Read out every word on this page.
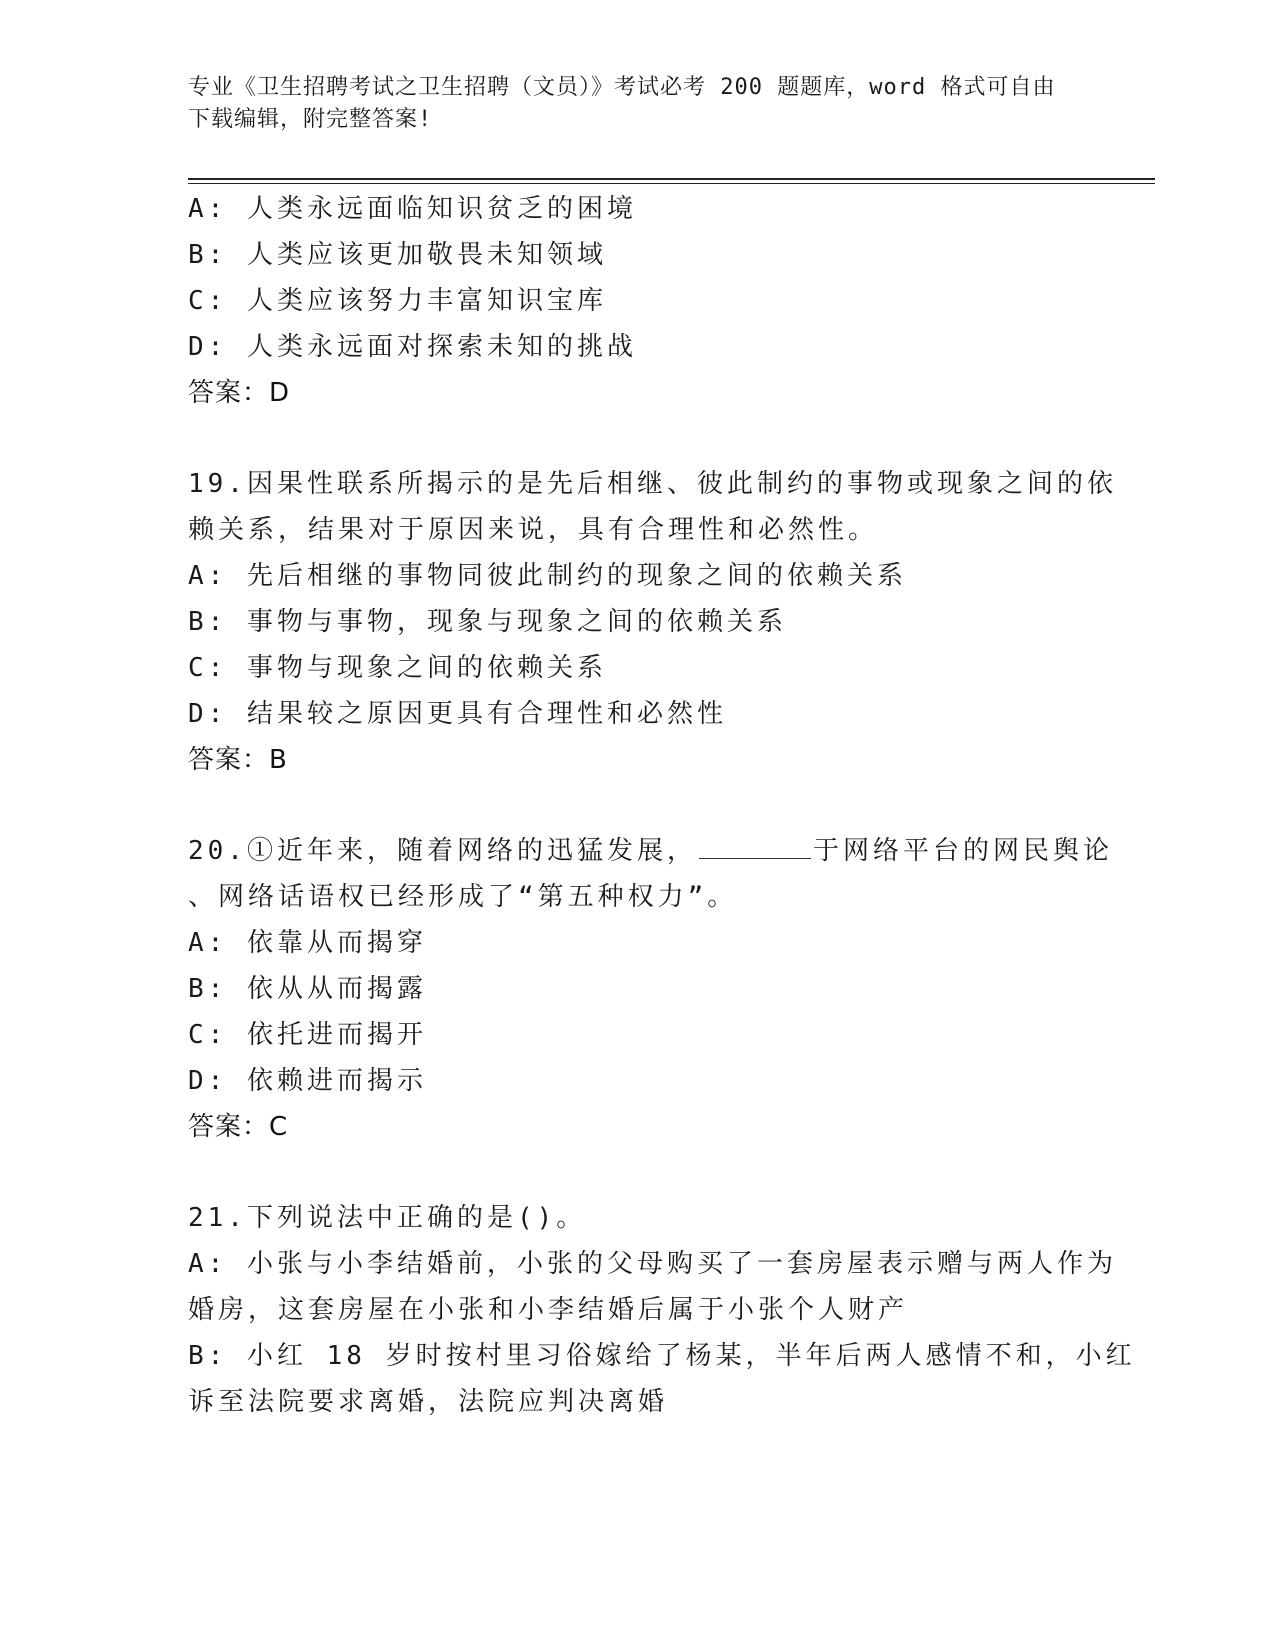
专业《卫生招聘考试之卫生招聘（文员）》考试必考 200 题题库，word 格式可自由下载编辑，附完整答案!
A: 人类永远面临知识贫乏的困境
B: 人类应该更加敬畏未知领域
C: 人类应该努力丰富知识宝库
D: 人类永远面对探索未知的挑战
答案：D
19.因果性联系所揭示的是先后相继、彼此制约的事物或现象之间的依
赖关系，结果对于原因来说，具有合理性和必然性。
A: 先后相继的事物同彼此制约的现象之间的依赖关系
B: 事物与事物，现象与现象之间的依赖关系
C: 事物与现象之间的依赖关系
D: 结果较之原因更具有合理性和必然性
答案：B
20.①近年来，随着网络的迅猛发展，	于网络平台的网民舆论
、网络话语权已经形成了“第五种权力”。
A: 依靠从而揭穿
B: 依从从而揭露
C: 依托进而揭开
D: 依赖进而揭示
答案：C
21.下列说法中正确的是()。
A: 小张与小李结婚前，小张的父母购买了一套房屋表示赠与两人作为
婚房，这套房屋在小张和小李结婚后属于小张个人财产
B: 小红 18 岁时按村里习俗嫁给了杨某，半年后两人感情不和，小红
诉至法院要求离婚，法院应判决离婚
